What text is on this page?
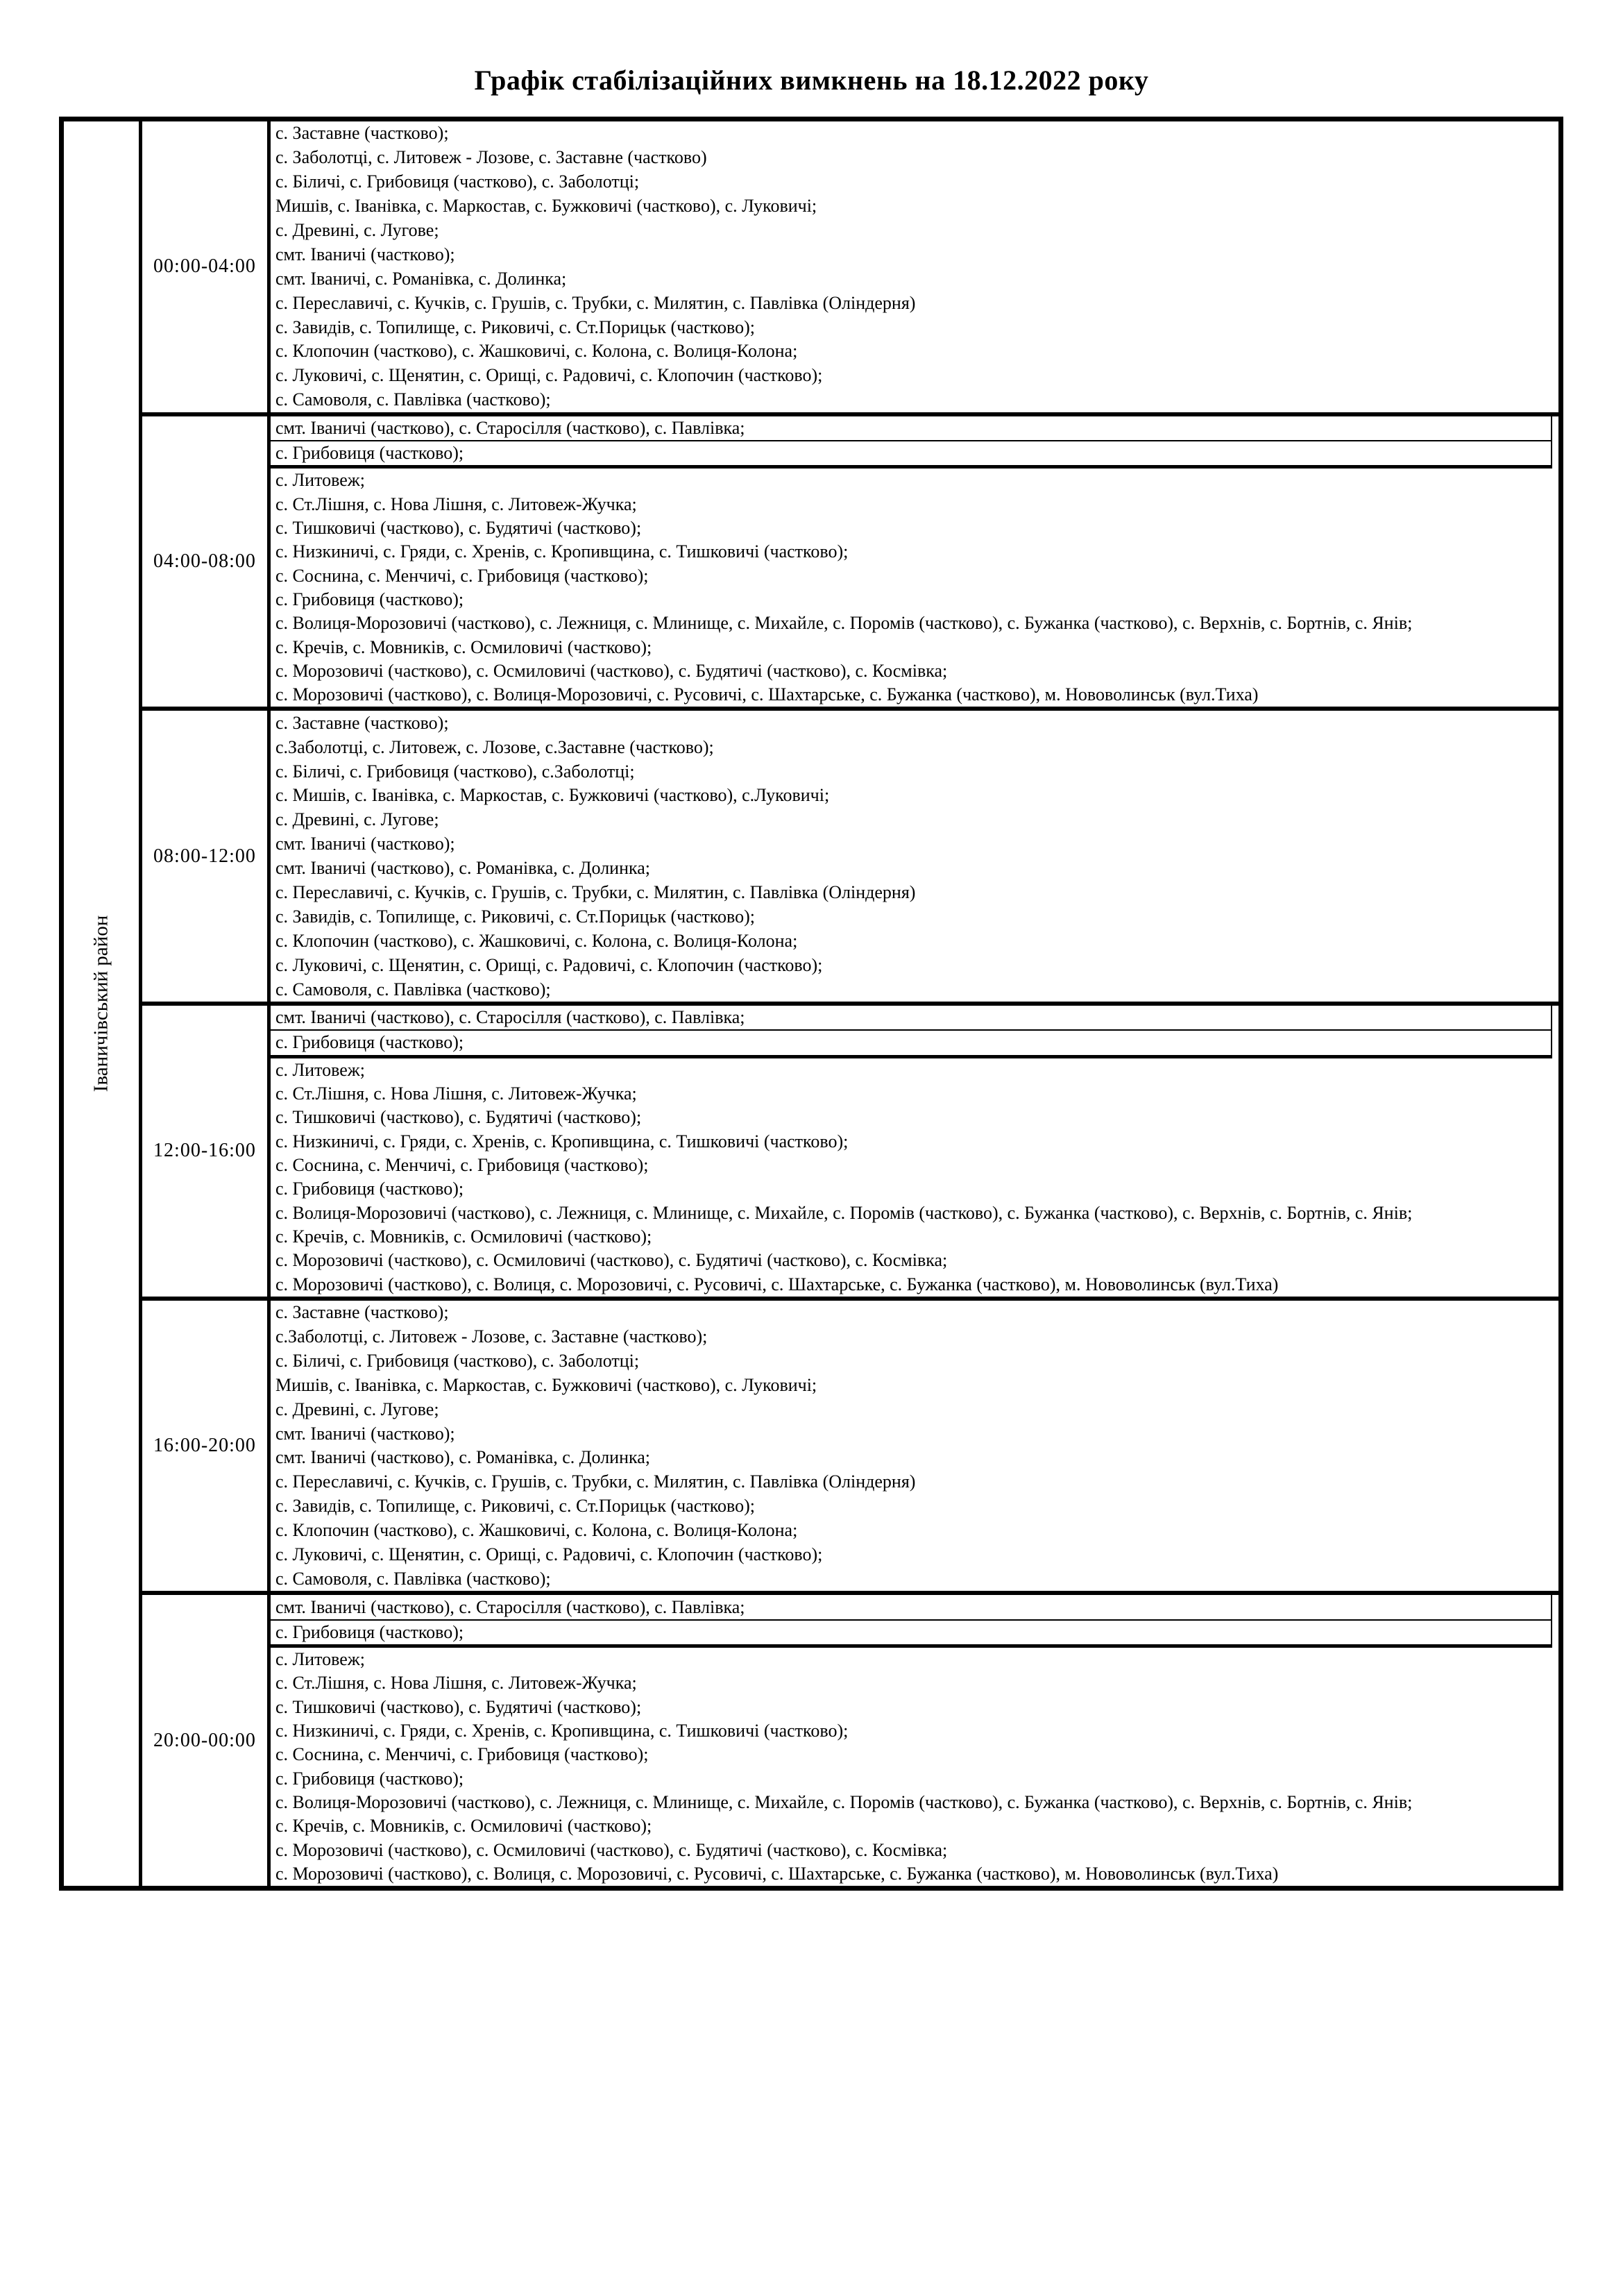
Графік стабілізаційних вимкнень на 18.12.2022 року
Іваничівський район
00:00-04:00
с. Заставне (частково);
с. Заболотці, с. Литовеж - Лозове, с. Заставне (частково)
с. Біличі, с. Грибовиця (частково), с. Заболотці;
Мишів, с. Іванівка, с. Маркостав, с. Бужковичі (частково), с. Луковичі;
с. Древині, с. Лугове;
смт. Іваничі (частково);
смт. Іваничі, с. Романівка, с. Долинка;
с. Переславичі, с. Кучків, с. Грушів, с. Трубки, с. Милятин, с. Павлівка (Оліндерня)
с. Завидів, с. Топилище, с. Риковичі, с. Ст.Порицьк (частково);
с. Клопочин (частково), с. Жашковичі, с. Колона, с. Волиця-Колона;
с. Луковичі, с. Щенятин, с. Орищі, с. Радовичі, с. Клопочин (частково);
с. Самоволя, с. Павлівка (частково);
04:00-08:00
смт. Іваничі (частково), с. Старосілля (частково), с. Павлівка;
с. Грибовиця (частково);
с. Литовеж;
с. Ст.Лішня, с. Нова Лішня, с. Литовеж-Жучка;
с. Тишковичі (частково), с. Будятичі (частково);
с. Низкиничі, с. Гряди, с. Хренів, с. Кропивщина, с. Тишковичі (частково);
с. Соснина, с. Менчичі, с. Грибовиця (частково);
с. Грибовиця (частково);
с. Волиця-Морозовичі (частково), с. Лежниця, с. Млинище, с. Михайле, с. Поромів (частково), с. Бужанка (частково), с. Верхнів, с. Бортнів, с. Янів;
с. Кречів, с. Мовників, с. Осмиловичі (частково);
с. Морозовичі (частково), с. Осмиловичі (частково), с. Будятичі (частково), с. Космівка;
с. Морозовичі (частково), с. Волиця-Морозовичі, с. Русовичі, с. Шахтарське, с. Бужанка (частково), м. Нововолинськ (вул.Тиха)
08:00-12:00
с. Заставне (частково);
с.Заболотці, с. Литовеж, с. Лозове, с.Заставне (частково);
с. Біличі, с. Грибовиця (частково), с.Заболотці;
с. Мишів, с. Іванівка, с. Маркостав, с. Бужковичі (частково), с.Луковичі;
с. Древині, с. Лугове;
смт. Іваничі (частково);
смт. Іваничі (частково), с. Романівка, с. Долинка;
с. Переславичі, с. Кучків, с. Грушів, с. Трубки, с. Милятин, с. Павлівка (Оліндерня)
с. Завидів, с. Топилище, с. Риковичі, с. Ст.Порицьк (частково);
с. Клопочин (частково), с. Жашковичі, с. Колона, с. Волиця-Колона;
с. Луковичі, с. Щенятин, с. Орищі, с. Радовичі, с. Клопочин (частково);
с. Самоволя, с. Павлівка (частково);
12:00-16:00
смт. Іваничі (частково), с. Старосілля (частково), с. Павлівка;
с. Грибовиця (частково);
с. Литовеж;
с. Ст.Лішня, с. Нова Лішня, с. Литовеж-Жучка;
с. Тишковичі (частково), с. Будятичі (частково);
с. Низкиничі, с. Гряди, с. Хренів, с. Кропивщина, с. Тишковичі (частково);
с. Соснина, с. Менчичі, с. Грибовиця (частково);
с. Грибовиця (частково);
с. Волиця-Морозовичі (частково), с. Лежниця, с. Млинище, с. Михайле, с. Поромів (частково), с. Бужанка (частково), с. Верхнів, с. Бортнів, с. Янів;
с. Кречів, с. Мовників, с. Осмиловичі (частково);
с. Морозовичі (частково), с. Осмиловичі (частково), с. Будятичі (частково), с. Космівка;
с. Морозовичі (частково), с. Волиця, с. Морозовичі, с. Русовичі, с. Шахтарське, с. Бужанка (частково), м. Нововолинськ (вул.Тиха)
16:00-20:00
с. Заставне (частково);
с.Заболотці, с. Литовеж - Лозове, с. Заставне (частково);
с. Біличі, с. Грибовиця (частково), с. Заболотці;
Мишів, с. Іванівка, с. Маркостав, с. Бужковичі (частково), с. Луковичі;
с. Древині, с. Лугове;
смт. Іваничі (частково);
смт. Іваничі (частково), с. Романівка, с. Долинка;
с. Переславичі, с. Кучків, с. Грушів, с. Трубки, с. Милятин, с. Павлівка (Оліндерня)
с. Завидів, с. Топилище, с. Риковичі, с. Ст.Порицьк (частково);
с. Клопочин (частково), с. Жашковичі, с. Колона, с. Волиця-Колона;
с. Луковичі, с. Щенятин, с. Орищі, с. Радовичі, с. Клопочин (частково);
с. Самоволя, с. Павлівка (частково);
20:00-00:00
смт. Іваничі (частково), с. Старосілля (частково), с. Павлівка;
с. Грибовиця (частково);
с. Литовеж;
с. Ст.Лішня, с. Нова Лішня, с. Литовеж-Жучка;
с. Тишковичі (частково), с. Будятичі (частково);
с. Низкиничі, с. Гряди, с. Хренів, с. Кропивщина, с. Тишковичі (частково);
с. Соснина, с. Менчичі, с. Грибовиця (частково);
с. Грибовиця (частково);
с. Волиця-Морозовичі (частково), с. Лежниця, с. Млинище, с. Михайле, с. Поромів (частково), с. Бужанка (частково), с. Верхнів, с. Бортнів, с. Янів;
с. Кречів, с. Мовників, с. Осмиловичі (частково);
с. Морозовичі (частково), с. Осмиловичі (частково), с. Будятичі (частково), с. Космівка;
с. Морозовичі (частково), с. Волиця, с. Морозовичі, с. Русовичі, с. Шахтарське, с. Бужанка (частково), м. Нововолинськ (вул.Тиха)
